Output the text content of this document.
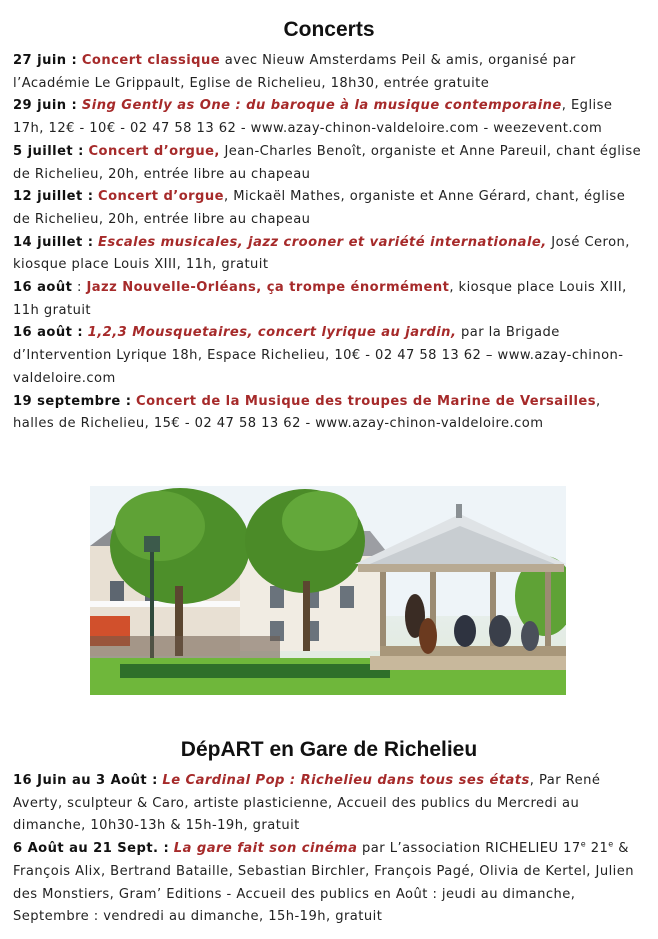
Concerts
27 juin : Concert classique avec Nieuw Amsterdams Peil & amis, organisé par l’Académie Le Grippault, Eglise de Richelieu, 18h30, entrée gratuite
29 juin : Sing Gently as One : du baroque à la musique contemporaine, Eglise 17h, 12€ - 10€ - 02 47 58 13 62 - www.azay-chinon-valdeloire.com - weezevent.com
5 juillet : Concert d’orgue, Jean-Charles Benoît, organiste et Anne Pareuil, chant église de Richelieu, 20h, entrée libre au chapeau
12 juillet : Concert d’orgue, Mickaël Mathes, organiste et Anne Gérard, chant, église de Richelieu, 20h, entrée libre au chapeau
14 juillet : Escales musicales, jazz crooner et variété internationale, José Ceron, kiosque place Louis XIII, 11h, gratuit
16 août : Jazz Nouvelle-Orléans, ça trompe énormément, kiosque place Louis XIII, 11h gratuit
16 août : 1,2,3 Mousquetaires, concert lyrique au jardin, par la Brigade d’Intervention Lyrique 18h, Espace Richelieu, 10€ - 02 47 58 13 62 – www.azay-chinon-valdeloire.com
19 septembre : Concert de la Musique des troupes de Marine de Versailles, halles de Richelieu, 15€ - 02 47 58 13 62 - www.azay-chinon-valdeloire.com
DépART en Gare de Richelieu
16 Juin au 3 Août : Le Cardinal Pop : Richelieu dans tous ses états, Par René Averty, sculpteur & Caro, artiste plasticienne, Accueil des publics du Mercredi au dimanche, 10h30-13h & 15h-19h, gratuit
6 Août au 21 Sept. : La gare fait son cinéma par L’association RICHELIEU 17e 21e & François Alix, Bertrand Bataille, Sebastian Birchler, François Pagé, Olivia de Kertel, Julien des Monstiers, Gram’ Editions - Accueil des publics en Août : jeudi au dimanche, Septembre : vendredi au dimanche, 15h-19h, gratuit
